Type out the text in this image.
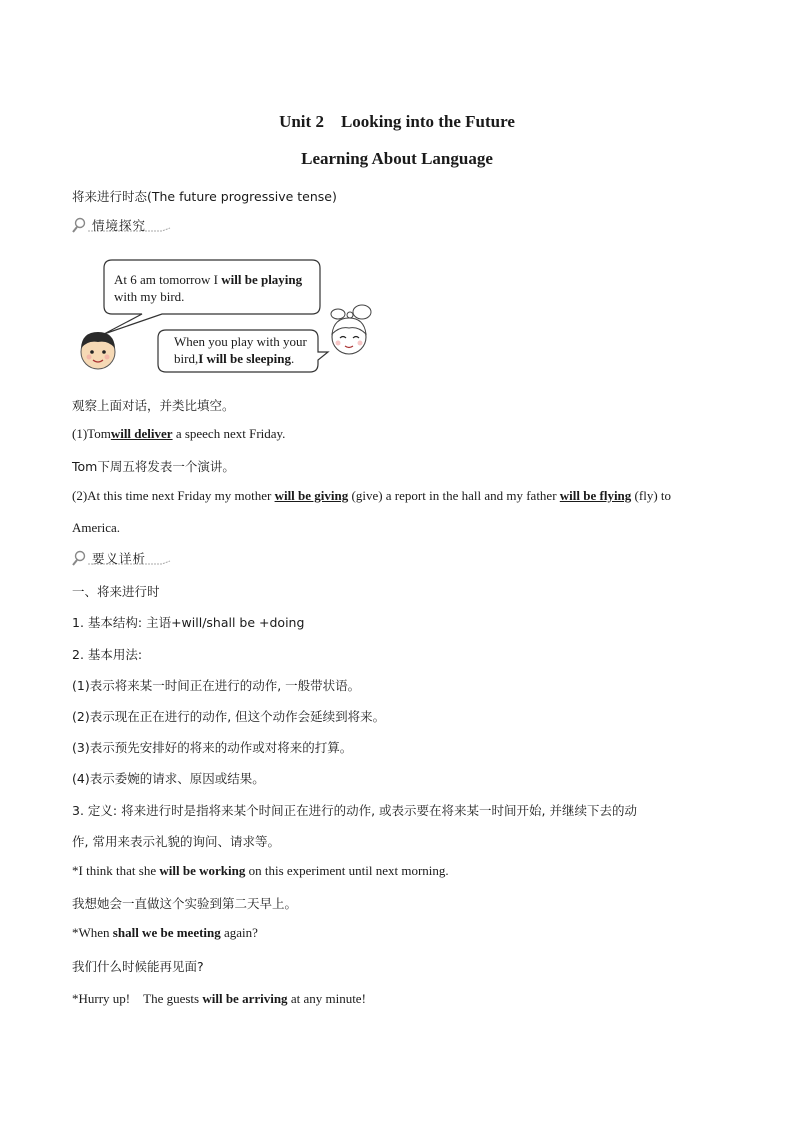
Unit 2　Looking into the Future
Learning About Language
将来进行时态(The future progressive tense)
情境探究
At 6 am tomorrow I will be playing
with my bird.
When you play with your
bird,I will be sleeping.
观察上面对话，并类比填空。
(1)Tomwill deliver a speech next Friday.
Tom下周五将发表一个演讲。
(2)At this time next Friday my mother will be giving (give) a report in the hall and my father will be flying (fly) to
America.
要义详析
一、将来进行时
1. 基本结构: 主语+will/shall be +doing
2. 基本用法:
(1)表示将来某一时间正在进行的动作, 一般带状语。
(2)表示现在正在进行的动作, 但这个动作会延续到将来。
(3)表示预先安排好的将来的动作或对将来的打算。
(4)表示委婉的请求、原因或结果。
3. 定义: 将来进行时是指将来某个时间正在进行的动作, 或表示要在将来某一时间开始, 并继续下去的动
作, 常用来表示礼貌的询问、请求等。
*I think that she will be working on this experiment until next morning.
我想她会一直做这个实验到第二天早上。
*When shall we be meeting again?
我们什么时候能再见面?
*Hurry up!　The guests will be arriving at any minute!
